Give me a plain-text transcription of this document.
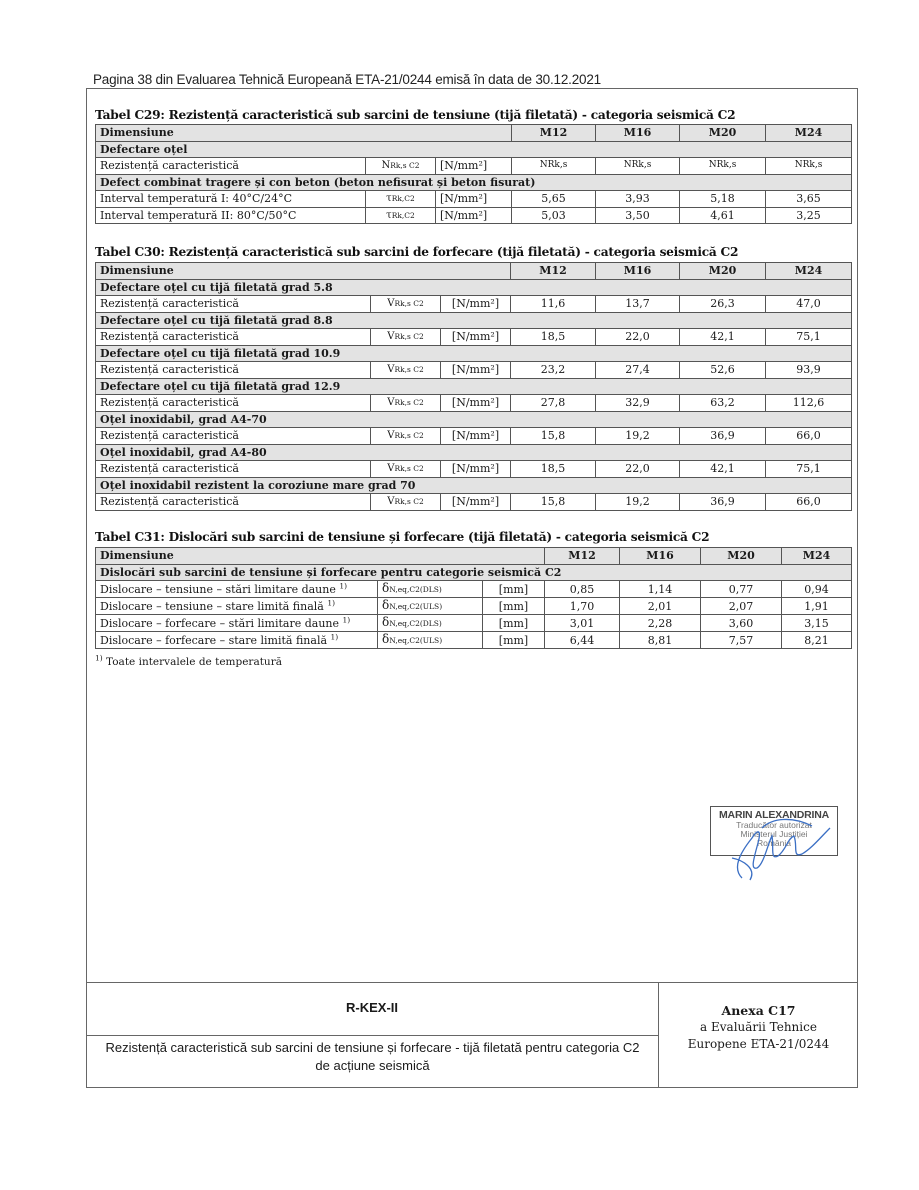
Pagina 38 din Evaluarea Tehnică Europeană ETA-21/0244 emisă în data de 30.12.2021
Tabel C29: Rezistență caracteristică sub sarcini de tensiune (tijă filetată) - categoria seismică C2
Dimensiune			M12	M16	M20	M24
Defectare oțel						
Rezistență caracteristică	NRk,s C2	[N/mm²]	NRk,s	NRk,s	NRk,s	NRk,s
Defect combinat tragere și con beton (beton nefisurat și beton fisurat)						
Interval temperatură I: 40°C/24°C	τRk,C2	[N/mm²]	5,65	3,93	5,18	3,65
Interval temperatură II: 80°C/50°C	τRk,C2	[N/mm²]	5,03	3,50	4,61	3,25
Tabel C30: Rezistență caracteristică sub sarcini de forfecare (tijă filetată) - categoria seismică C2
Dimensiune			M12	M16	M20	M24
Defectare oțel cu tijă filetată grad 5.8						
Rezistență caracteristică	VRk,s C2	[N/mm²]	11,6	13,7	26,3	47,0
Defectare oțel cu tijă filetată grad 8.8						
Rezistență caracteristică	VRk,s C2	[N/mm²]	18,5	22,0	42,1	75,1
Defectare oțel cu tijă filetată grad 10.9						
Rezistență caracteristică	VRk,s C2	[N/mm²]	23,2	27,4	52,6	93,9
Defectare oțel cu tijă filetată grad 12.9						
Rezistență caracteristică	VRk,s C2	[N/mm²]	27,8	32,9	63,2	112,6
Oțel inoxidabil, grad A4-70						
Rezistență caracteristică	VRk,s C2	[N/mm²]	15,8	19,2	36,9	66,0
Oțel inoxidabil, grad A4-80						
Rezistență caracteristică	VRk,s C2	[N/mm²]	18,5	22,0	42,1	75,1
Oțel inoxidabil rezistent la coroziune mare grad 70						
Rezistență caracteristică	VRk,s C2	[N/mm²]	15,8	19,2	36,9	66,0
Tabel C31: Dislocări sub sarcini de tensiune și forfecare (tijă filetată) - categoria seismică C2
Dimensiune			M12	M16	M20	M24
Dislocări sub sarcini de tensiune și forfecare pentru categorie seismică C2						
Dislocare – tensiune – stări limitare daune $^{1)}$	δN,eq,C2(DLS)	[mm]	0,85	1,14	0,77	0,94
Dislocare – tensiune – stare limită finală $^{1)}$	δN,eq,C2(ULS)	[mm]	1,70	2,01	2,07	1,91
Dislocare – forfecare – stări limitare daune $^{1)}$	δN,eq,C2(DLS)	[mm]	3,01	2,28	3,60	3,15
Dislocare – forfecare – stare limită finală $^{1)}$	δN,eq,C2(ULS)	[mm]	6,44	8,81	7,57	8,21
$^{1)}$ Toate intervalele de temperatură
MARIN ALEXANDRINA
Traducător autorizat
Ministerul Justiției
România
R-KEX-II
Rezistență caracteristică sub sarcini de tensiune și forfecare - tijă filetată pentru categoria C2 de acțiune seismică
Anexa C17
a Evaluării Tehnice
Europene ETA-21/0244
